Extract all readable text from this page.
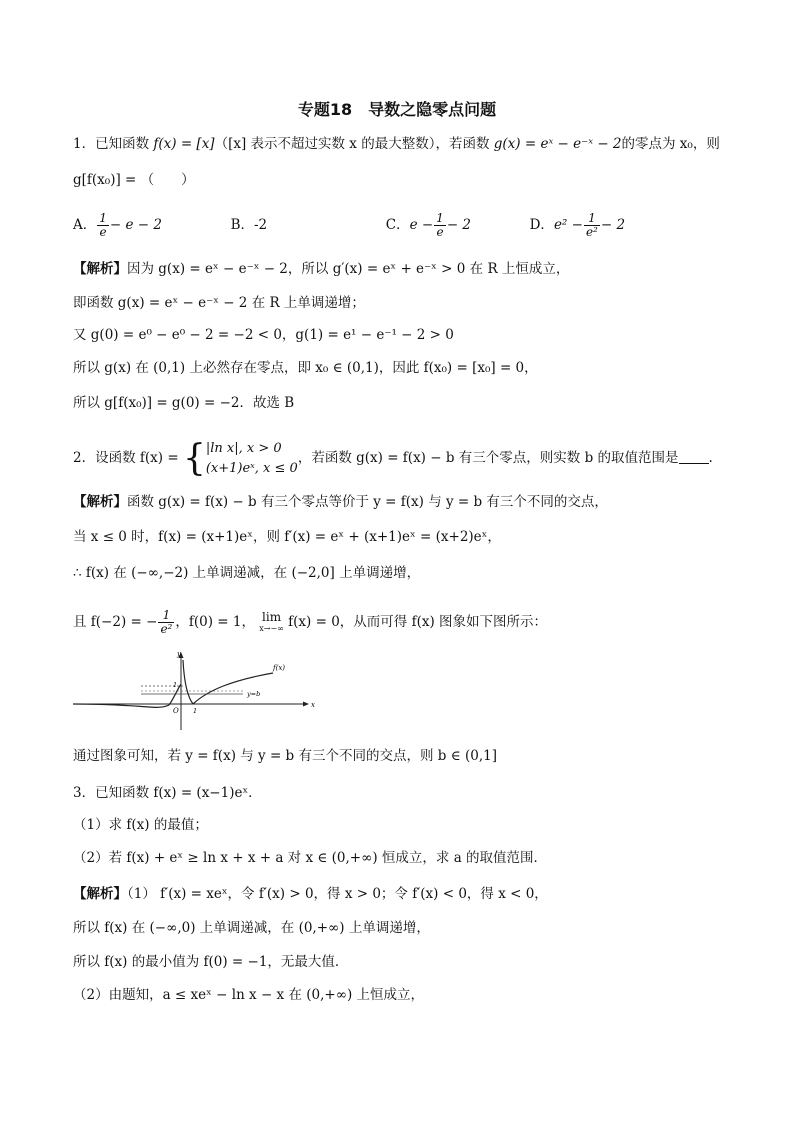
专题18　导数之隐零点问题
1．已知函数 f(x) = [x]（[x] 表示不超过实数 x 的最大整数），若函数 g(x) = eˣ − e⁻ˣ − 2的零点为 x₀，则
g[f(x₀)] = （　　）
A． $\frac{1}{e} - e - 2$	B．-2	C．$e - \frac{1}{e} - 2$	D．$e^2 - \frac{1}{\text{e²}} - 2$
【解析】因为 g(x) = eˣ − e⁻ˣ − 2，所以 g′(x) = eˣ + e⁻ˣ > 0 在 R 上恒成立，
即函数 g(x) = eˣ − e⁻ˣ − 2 在 R 上单调递增；
又 g(0) = e⁰ − e⁰ − 2 = −2 < 0，g(1) = e¹ − e⁻¹ − 2 > 0
所以 g(x) 在 (0,1) 上必然存在零点，即 x₀ ∈ (0,1)，因此 f(x₀) = [x₀] = 0，
所以 g[f(x₀)] = g(0) = −2．故选 B
2．设函数 f(x) = { |ln x|, x > 0
(x+1)eˣ, x ≤ 0
，若函数 g(x) = f(x) − b 有三个零点，则实数 b 的取值范围是 .
【解析】函数 g(x) = f(x) − b 有三个零点等价于 y = f(x) 与 y = b 有三个不同的交点，
当 x ≤ 0 时，f(x) = (x+1)eˣ，则 f′(x) = eˣ + (x+1)eˣ = (x+2)eˣ，
∴ f(x) 在 (−∞,−2) 上单调递减，在 (−2,0] 上单调递增，
且 f(−2) = − $\frac{1}{\text{e²}}$ ，f(0) = 1， lim
x→−∞ f(x) = 0，从而可得 f(x) 图象如下图所示：
f(x)
y=b
x
y
O 1
1
通过图象可知，若 y = f(x) 与 y = b 有三个不同的交点，则 b ∈ (0,1]
3．已知函数 f(x) = (x−1)eˣ．
（1）求 f(x) 的最值；
（2）若 f(x) + eˣ ≥ ln x + x + a 对 x ∈ (0,+∞) 恒成立，求 a 的取值范围．
【解析】（1） f′(x) = xeˣ，令 f′(x) > 0，得 x > 0；令 f′(x) < 0，得 x < 0，
所以 f(x) 在 (−∞,0) 上单调递减，在 (0,+∞) 上单调递增，
所以 f(x) 的最小值为 f(0) = −1，无最大值．
（2）由题知，a ≤ xeˣ − ln x − x 在 (0,+∞) 上恒成立，
